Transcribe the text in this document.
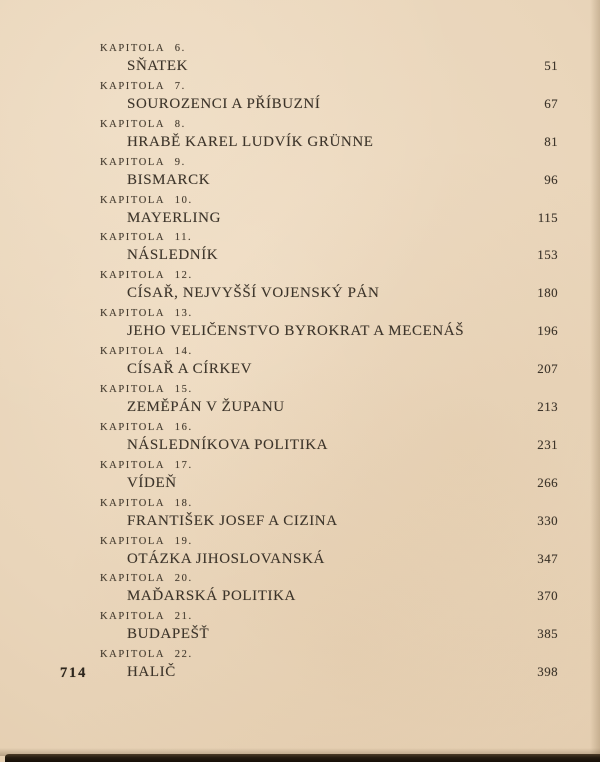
KAPITOLA 6.
SŇATEK	51
KAPITOLA 7.
SOUROZENCI A PŘÍBUZNÍ	67
KAPITOLA 8.
HRABĚ KAREL LUDVÍK GRÜNNE	81
KAPITOLA 9.
BISMARCK	96
KAPITOLA 10.
MAYERLING	115
KAPITOLA 11.
NÁSLEDNÍK	153
KAPITOLA 12.
CÍSAŘ, NEJVYŠŠÍ VOJENSKÝ PÁN	180
KAPITOLA 13.
JEHO VELIČENSTVO BYROKRAT A MECENÁŠ	196
KAPITOLA 14.
CÍSAŘ A CÍRKEV	207
KAPITOLA 15.
ZEMĚPÁN V ŽUPANU	213
KAPITOLA 16.
NÁSLEDNÍKOVA POLITIKA	231
KAPITOLA 17.
VÍDEŇ	266
KAPITOLA 18.
FRANTIŠEK JOSEF A CIZINA	330
KAPITOLA 19.
OTÁZKA JIHOSLOVANSKÁ	347
KAPITOLA 20.
MAĎARSKÁ POLITIKA	370
KAPITOLA 21.
BUDAPEŠŤ	385
KAPITOLA 22.
HALIČ	398
714
